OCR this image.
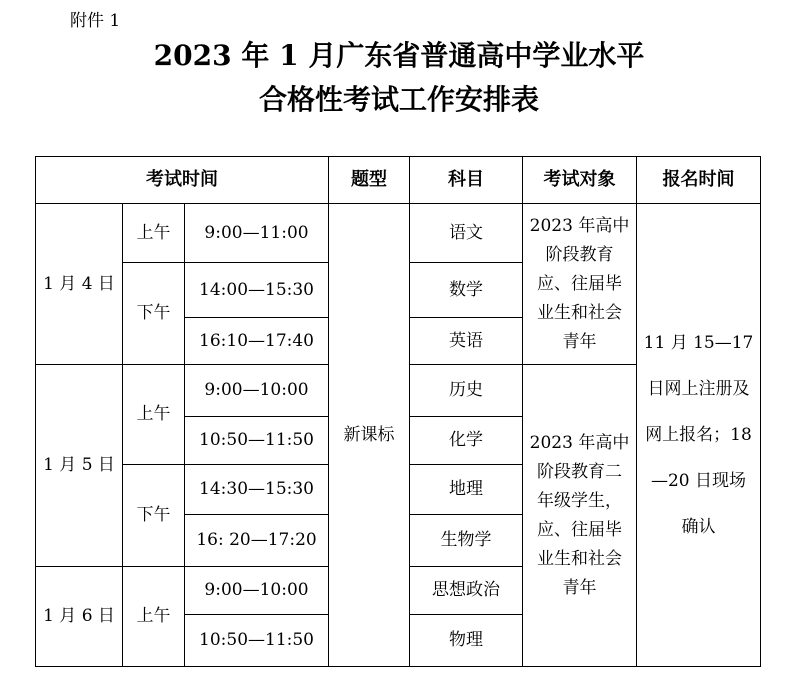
附件 1
2023 年 1 月广东省普通高中学业水平
合格性考试工作安排表
考试时间			题型	科目	考试对象	报名时间
1 月 4 日	上午	9:00—11:00	新课标	语文	2023 年高中阶段教育应、往届毕业生和社会青年	11 月 15—17 日网上注册及网上报名；18—20 日现场确认
	下午	14:00—15:30		数学		
		16:10—17:40		英语		
1 月 5 日	上午	9:00—10:00		历史	2023 年高中阶段教育二年级学生，应、往届毕业生和社会青年	
		10:50—11:50		化学		
	下午	14:30—15:30		地理		
		16: 20—17:20		生物学		
1 月 6 日	上午	9:00—10:00		思想政治		
		10:50—11:50		物理		
